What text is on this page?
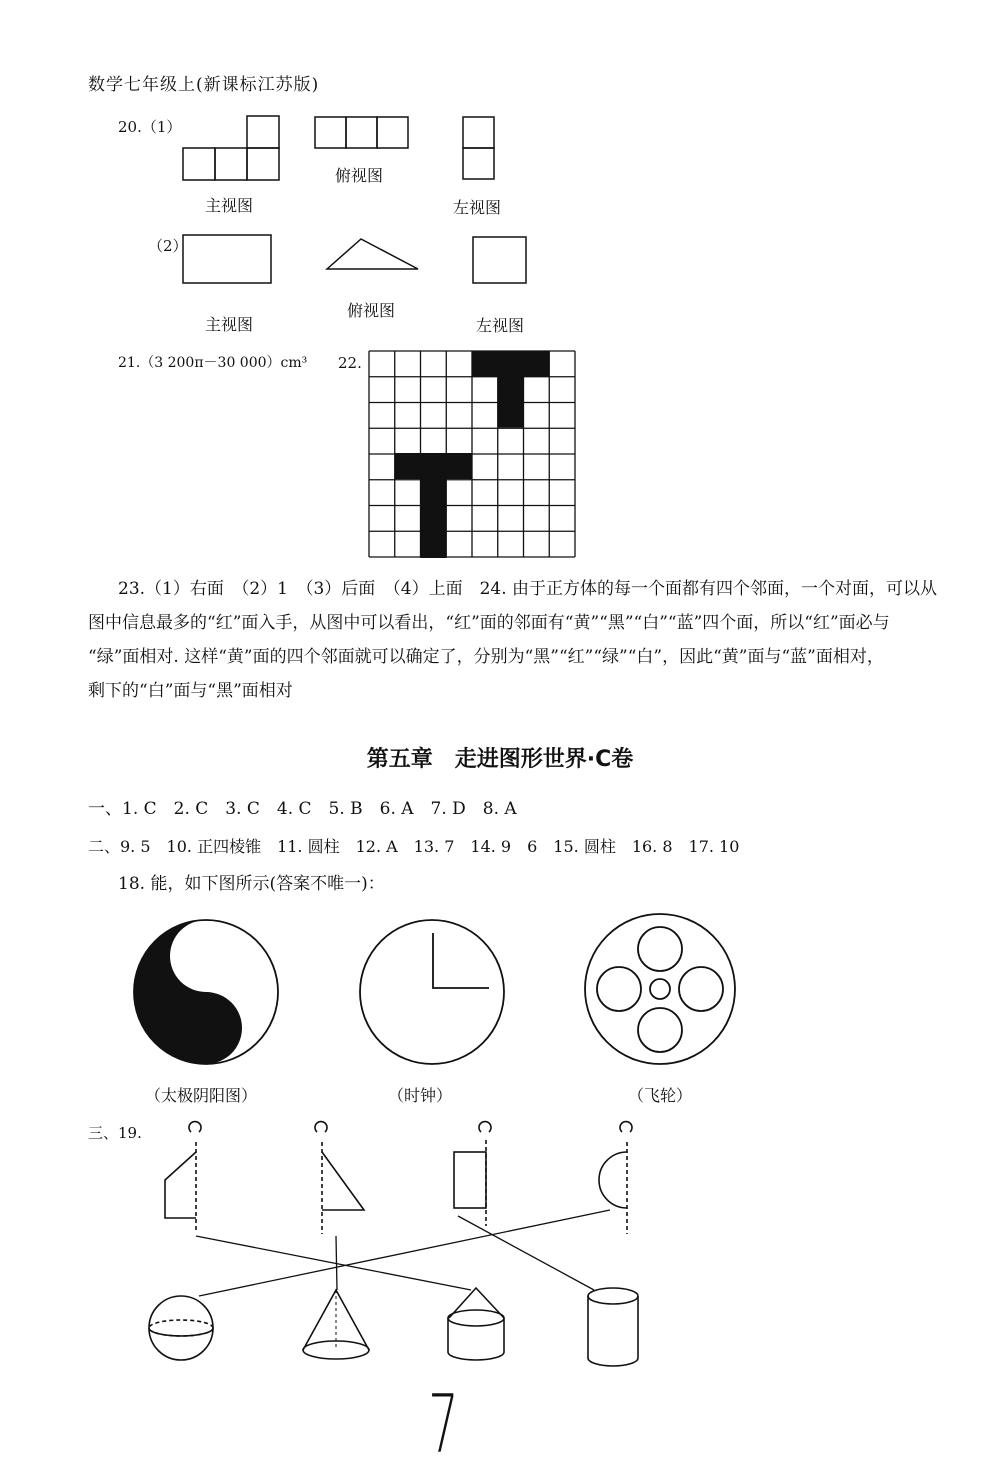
数学七年级上(新课标江苏版)
20.（1）
（2）
主视图
俯视图
左视图
主视图
俯视图
左视图
21.（3 200π－30 000）cm³ 22.
23.（1）右面　（2）1　（3）后面　（4）上面　24. 由于正方体的每一个面都有四个邻面，一个对面，可以从
图中信息最多的“红”面入手，从图中可以看出，“红”面的邻面有“黄”“黑”“白”“蓝”四个面，所以“红”面必与
“绿”面相对. 这样“黄”面的四个邻面就可以确定了，分别为“黑”“红”“绿”“白”，因此“黄”面与“蓝”面相对，
剩下的“白”面与“黑”面相对
第五章　走进图形世界·C卷
一、1. C　2. C　3. C　4. C　5. B　6. A　7. D　8. A
二、9. 5　10. 正四棱锥　11. 圆柱　12. A　13. 7　14. 9　6　15. 圆柱　16. 8　17. 10
18. 能，如下图所示(答案不唯一)：
（太极阴阳图）	（时钟）	（飞轮）
三、19.
7
